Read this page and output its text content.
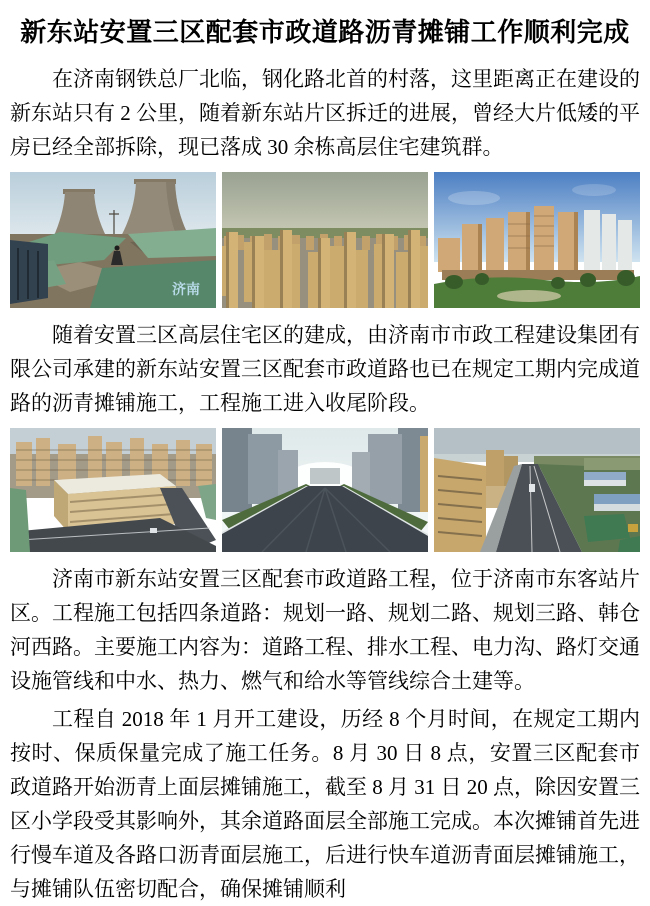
新东站安置三区配套市政道路沥青摊铺工作顺利完成

在济南钢铁总厂北临，钢化路北首的村落，这里距离正在建设的新东站只有 2 公里，随着新东站片区拆迁的进展，曾经大片低矮的平房已经全部拆除，现已落成 30 余栋高层住宅建筑群。

济南

随着安置三区高层住宅区的建成，由济南市市政工程建设集团有限公司承建的新东站安置三区配套市政道路也已在规定工期内完成道路的沥青摊铺施工，工程施工进入收尾阶段。

济南市新东站安置三区配套市政道路工程，位于济南市东客站片区。工程施工包括四条道路：规划一路、规划二路、规划三路、韩仓河西路。主要施工内容为：道路工程、排水工程、电力沟、路灯交通设施管线和中水、热力、燃气和给水等管线综合土建等。

工程自 2018 年 1 月开工建设，历经 8 个月时间，在规定工期内按时、保质保量完成了施工任务。8 月 30 日 8 点，安置三区配套市政道路开始沥青上面层摊铺施工，截至 8 月 31 日 20 点，除因安置三区小学段受其影响外，其余道路面层全部施工完成。本次摊铺首先进行慢车道及各路口沥青面层施工，后进行快车道沥青面层摊铺施工，与摊铺队伍密切配合，确保摊铺顺利
